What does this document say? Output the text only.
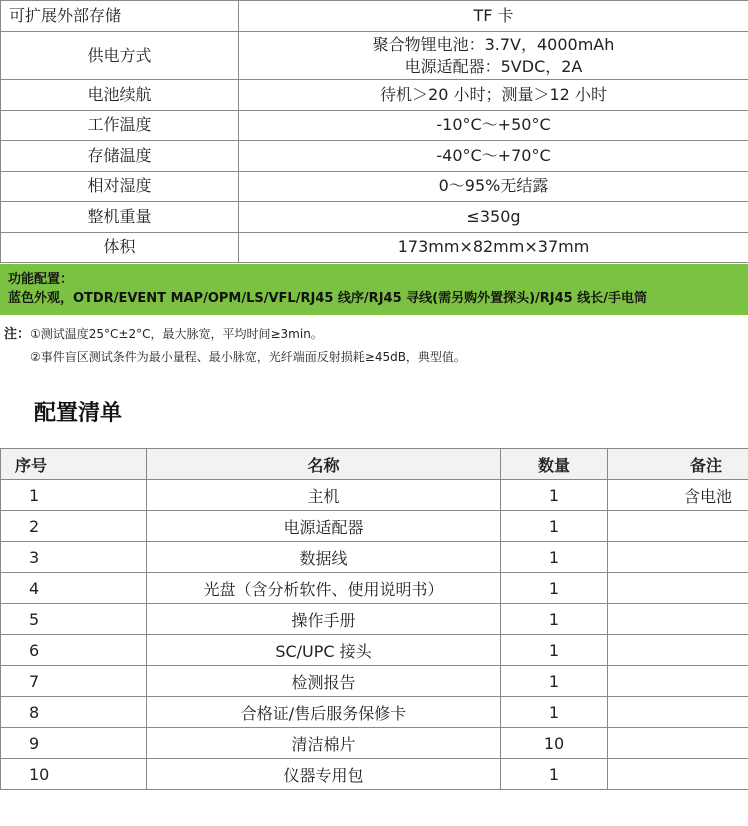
可扩展外部存储	TF 卡
供电方式	聚合物锂电池：3.7V，4000mAh
电源适配器：5VDC，2A

电池续航	待机＞20 小时；测量＞12 小时
工作温度	-10°C～+50°C
存储温度	-40°C～+70°C
相对湿度	0～95%无结露
整机重量	≤350g
体积	173mm×82mm×37mm
功能配置：
蓝色外观，OTDR/EVENT MAP/OPM/LS/VFL/RJ45 线序/RJ45 寻线(需另购外置探头)/RJ45 线长/手电筒
注：①测试温度25°C±2°C，最大脉宽，平均时间≥3min。
②事件盲区测试条件为最小量程、最小脉宽，光纤端面反射损耗≥45dB，典型值。
配置清单
序号	名称	数量	备注
1	主机	1	含电池
2	电源适配器	1	
3	数据线	1	
4	光盘（含分析软件、使用说明书）	1	
5	操作手册	1	
6	SC/UPC 接头	1	
7	检测报告	1	
8	合格证/售后服务保修卡	1	
9	清洁棉片	10	
10	仪器专用包	1	
